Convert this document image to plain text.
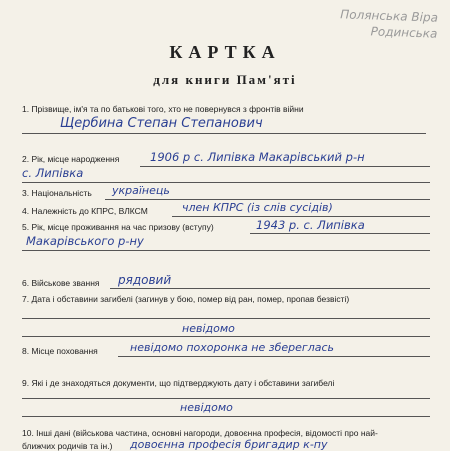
Полянська Віра
Родинська
КАРТКА
для книги Пам'яті
1. Прізвище, ім'я та по батькові того, хто не повернувся з фронтів війни
Щербина Степан Степанович
2. Рік, місце народження	1906 р с. Липівка Макарівський р-н
с. Липівка
3. Національність українець
4. Належність до КПРС, ВЛКСМ	член КПРС (із слів сусідів)
5. Рік, місце проживання на час призову (вступу)	1943 р. с. Липівка
Макарівського р-ну
6. Військове звання рядовий
7. Дата і обставини загибелі (загинув у бою, помер від ран, помер, пропав безвісті)
невідомо
8. Місце поховання	невідомо похоронка не збереглась
9. Які і де знаходяться документи, що підтверджують дату і обставини загибелі
невідомо
10. Інші дані (військова частина, основні нагороди, довоєнна професія, відомості про най-
ближчих родичів та ін.) довоєнна професія бригадир к-пу
